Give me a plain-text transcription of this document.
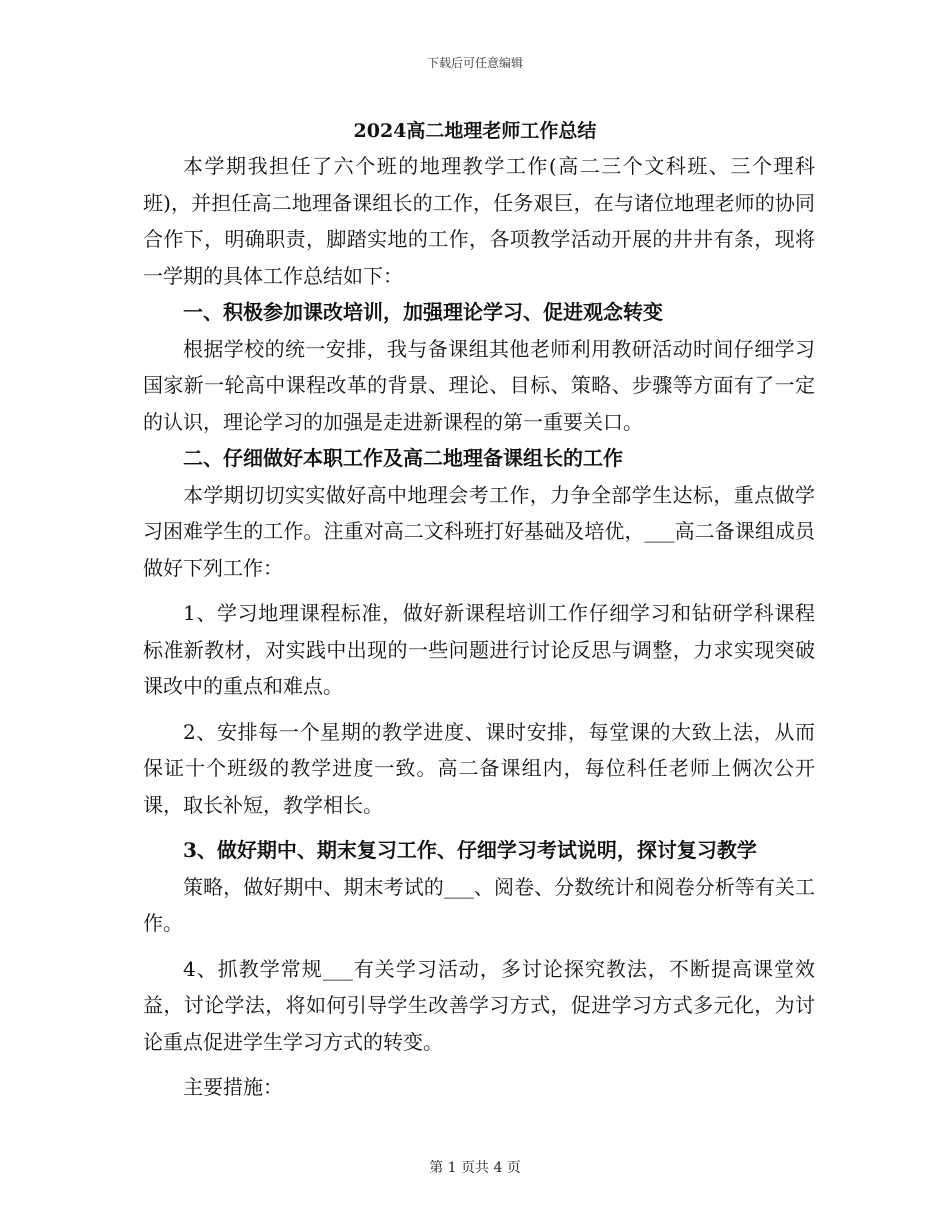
下载后可任意编辑
2024高二地理老师工作总结

本学期我担任了六个班的地理教学工作(高二三个文科班、三个理科班)，并担任高二地理备课组长的工作，任务艰巨，在与诸位地理老师的协同合作下，明确职责，脚踏实地的工作，各项教学活动开展的井井有条，现将一学期的具体工作总结如下：

一、积极参加课改培训，加强理论学习、促进观念转变

根据学校的统一安排，我与备课组其他老师利用教研活动时间仔细学习国家新一轮高中课程改革的背景、理论、目标、策略、步骤等方面有了一定的认识，理论学习的加强是走进新课程的第一重要关口。

二、仔细做好本职工作及高二地理备课组长的工作

本学期切切实实做好高中地理会考工作，力争全部学生达标，重点做学习困难学生的工作。注重对高二文科班打好基础及培优，___高二备课组成员做好下列工作：

1、学习地理课程标准，做好新课程培训工作仔细学习和钻研学科课程标准新教材，对实践中出现的一些问题进行讨论反思与调整，力求实现突破课改中的重点和难点。

2、安排每一个星期的教学进度、课时安排，每堂课的大致上法，从而保证十个班级的教学进度一致。高二备课组内，每位科任老师上俩次公开课，取长补短，教学相长。

3、做好期中、期末复习工作、仔细学习考试说明，探讨复习教学

策略，做好期中、期末考试的___、阅卷、分数统计和阅卷分析等有关工作。

4、抓教学常规___有关学习活动，多讨论探究教法，不断提高课堂效益，讨论学法，将如何引导学生改善学习方式，促进学习方式多元化，为讨论重点促进学生学习方式的转变。

主要措施：

第 1 页共 4 页
